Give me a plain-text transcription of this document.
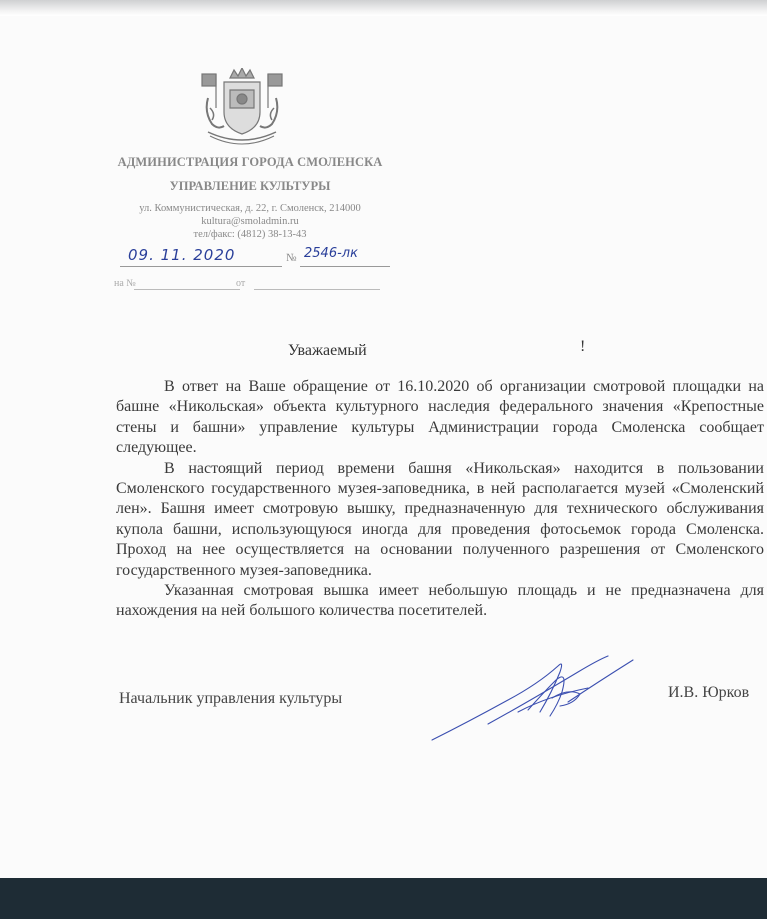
АДМИНИСТРАЦИЯ ГОРОДА СМОЛЕНСКА
УПРАВЛЕНИЕ КУЛЬТУРЫ
ул. Коммунистическая, д. 22, г. Смоленск, 214000
kultura@smoladmin.ru
тел/факс: (4812) 38-13-43
09. 11. 2020	№ 2546-лк
на №	от
Уважаемый	!

В ответ на Ваше обращение от 16.10.2020 об организации смотровой площадки на башне «Никольская» объекта культурного наследия федерального значения «Крепостные стены и башни» управление культуры Администрации города Смоленска сообщает следующее.

В настоящий период времени башня «Никольская» находится в пользовании Смоленского государственного музея-заповедника, в ней располагается музей «Смоленский лен». Башня имеет смотровую вышку, предназначенную для технического обслуживания купола башни, использующуюся иногда для проведения фотосьемок города Смоленска. Проход на нее осуществляется на основании полученного разрешения от Смоленского государственного музея-заповедника.

Указанная смотровая вышка имеет небольшую площадь и не предназначена для нахождения на ней большого количества посетителей.

Начальник управления культуры	И.В. Юрков
